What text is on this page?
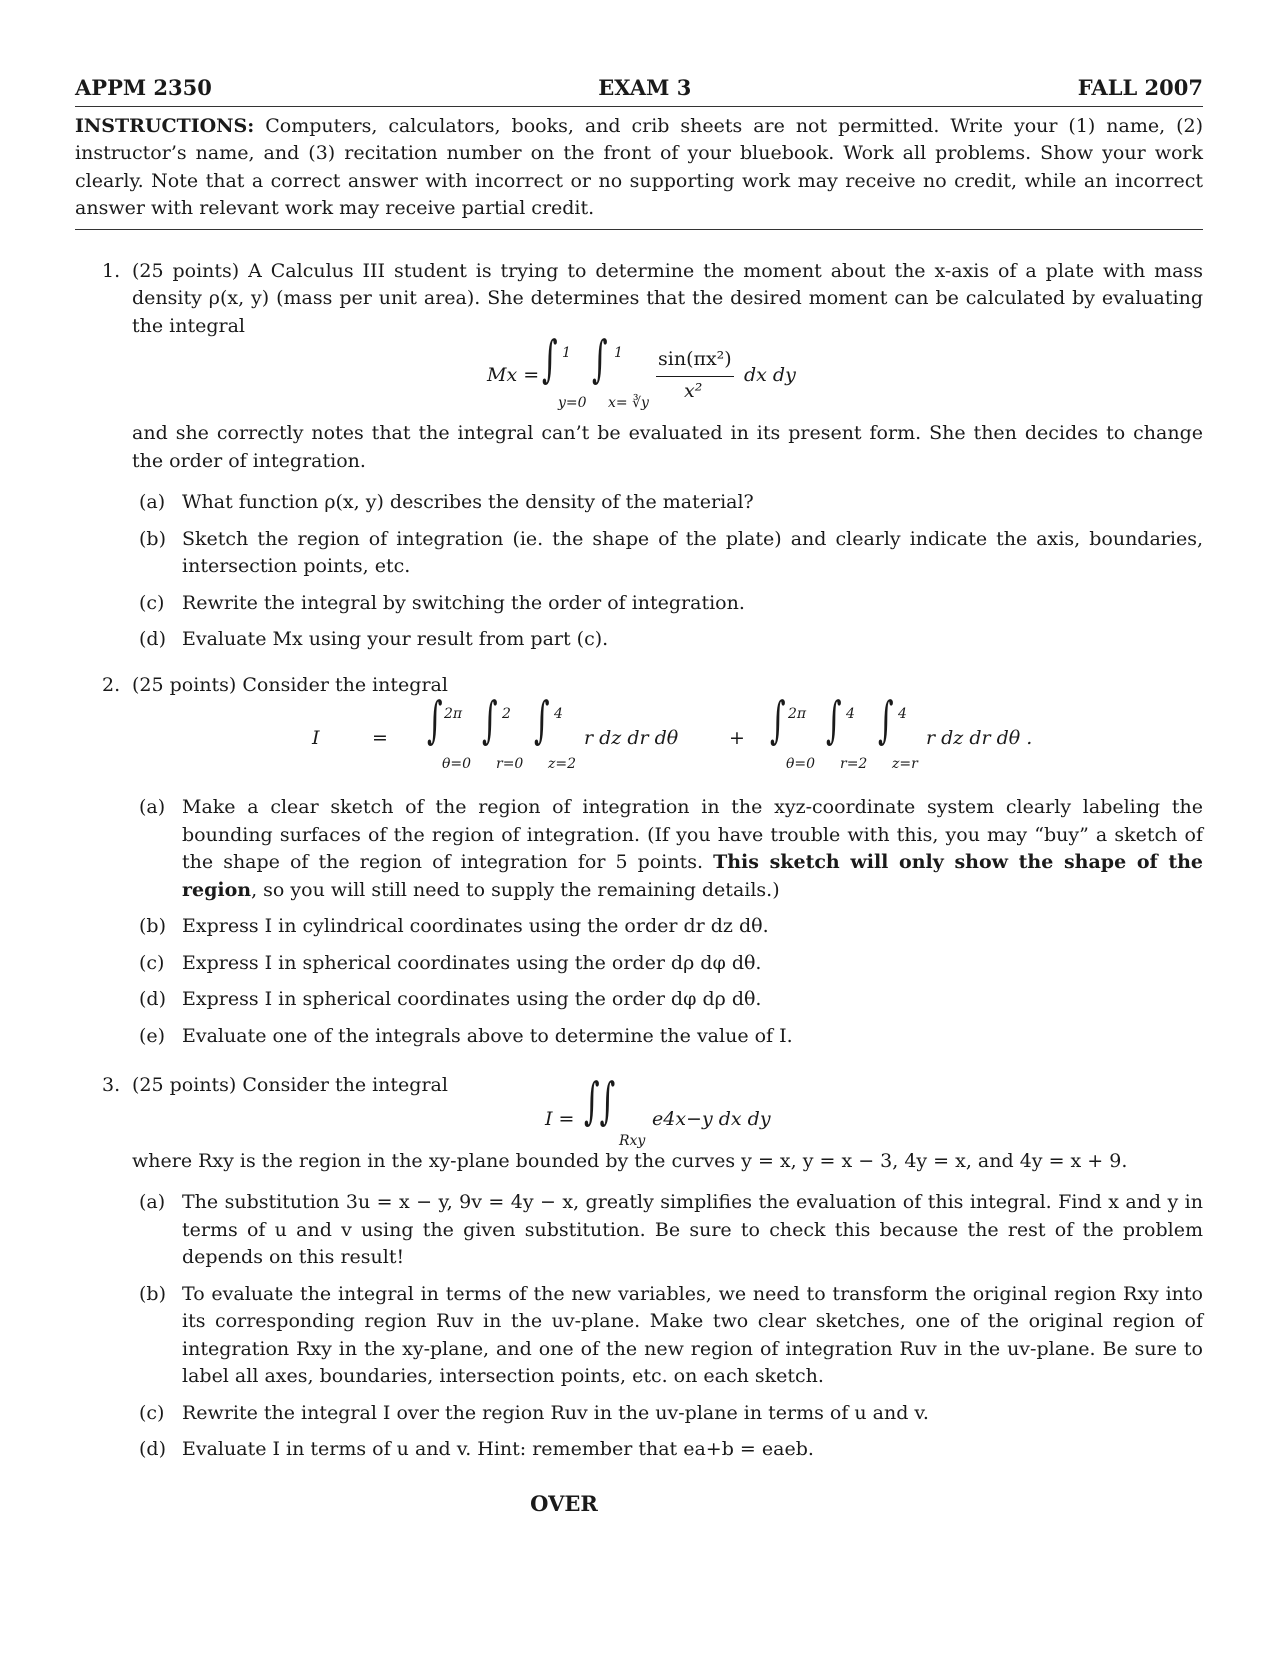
APPM 2350	EXAM 3	FALL 2007
INSTRUCTIONS: Computers, calculators, books, and crib sheets are not permitted. Write your (1) name, (2) instructor’s name, and (3) recitation number on the front of your bluebook. Work all problems. Show your work clearly. Note that a correct answer with incorrect or no supporting work may receive no credit, while an incorrect answer with relevant work may receive partial credit.
1. (25 points) A Calculus III student is trying to determine the moment about the x-axis of a plate with mass density ρ(x, y) (mass per unit area). She determines that the desired moment can be calculated by evaluating the integral
Mx = ∫ 1
y=0
∫ 1
x= ∛y
sin(πx²)
x²
dx dy
and she correctly notes that the integral can’t be evaluated in its present form. She then decides to change the order of integration.
(a) What function ρ(x, y) describes the density of the material?
(b) Sketch the region of integration (ie. the shape of the plate) and clearly indicate the axis, boundaries, intersection points, etc.
(c) Rewrite the integral by switching the order of integration.
(d) Evaluate Mx using your result from part (c).
2. (25 points) Consider the integral
I	= ∫ 2π
θ=0
∫ 2
r=0
∫ 4
z=2
r dz dr dθ	+ ∫ 2π
θ=0
∫ 4
r=2
∫ 4
z=r
r dz dr dθ .
(a) Make a clear sketch of the region of integration in the xyz-coordinate system clearly labeling the bounding surfaces of the region of integration. (If you have trouble with this, you may “buy” a sketch of the shape of the region of integration for 5 points. This sketch will only show the shape of the region, so you will still need to supply the remaining details.)
(b) Express I in cylindrical coordinates using the order dr dz dθ.
(c) Express I in spherical coordinates using the order dρ dφ dθ.
(d) Express I in spherical coordinates using the order dφ dρ dθ.
(e) Evaluate one of the integrals above to determine the value of I.
3. (25 points) Consider the integral
I = ∫∫
Rxy
e4x−y dx dy
where Rxy is the region in the xy-plane bounded by the curves y = x, y = x − 3, 4y = x, and 4y = x + 9.
(a) The substitution 3u = x − y, 9v = 4y − x, greatly simplifies the evaluation of this integral. Find x and y in terms of u and v using the given substitution. Be sure to check this because the rest of the problem depends on this result!
(b) To evaluate the integral in terms of the new variables, we need to transform the original region Rxy into its corresponding region Ruv in the uv-plane. Make two clear sketches, one of the original region of integration Rxy in the xy-plane, and one of the new region of integration Ruv in the uv-plane. Be sure to label all axes, boundaries, intersection points, etc. on each sketch.
(c) Rewrite the integral I over the region Ruv in the uv-plane in terms of u and v.
(d) Evaluate I in terms of u and v. Hint: remember that ea+b = eaeb.
OVER
